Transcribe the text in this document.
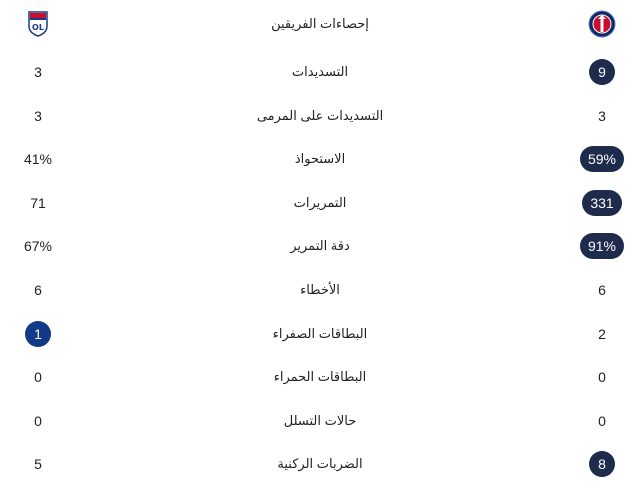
OL	إحصاءات الفريقين
3	التسديدات	9
3	التسديدات على المرمى	3
41%	الاستحواذ	59%
71	التمريرات	331
67%	دقة التمرير	91%
6	الأخطاء	6
1	البطاقات الصفراء	2
0	البطاقات الحمراء	0
0	حالات التسلل	0
5	الضربات الركنية	8
